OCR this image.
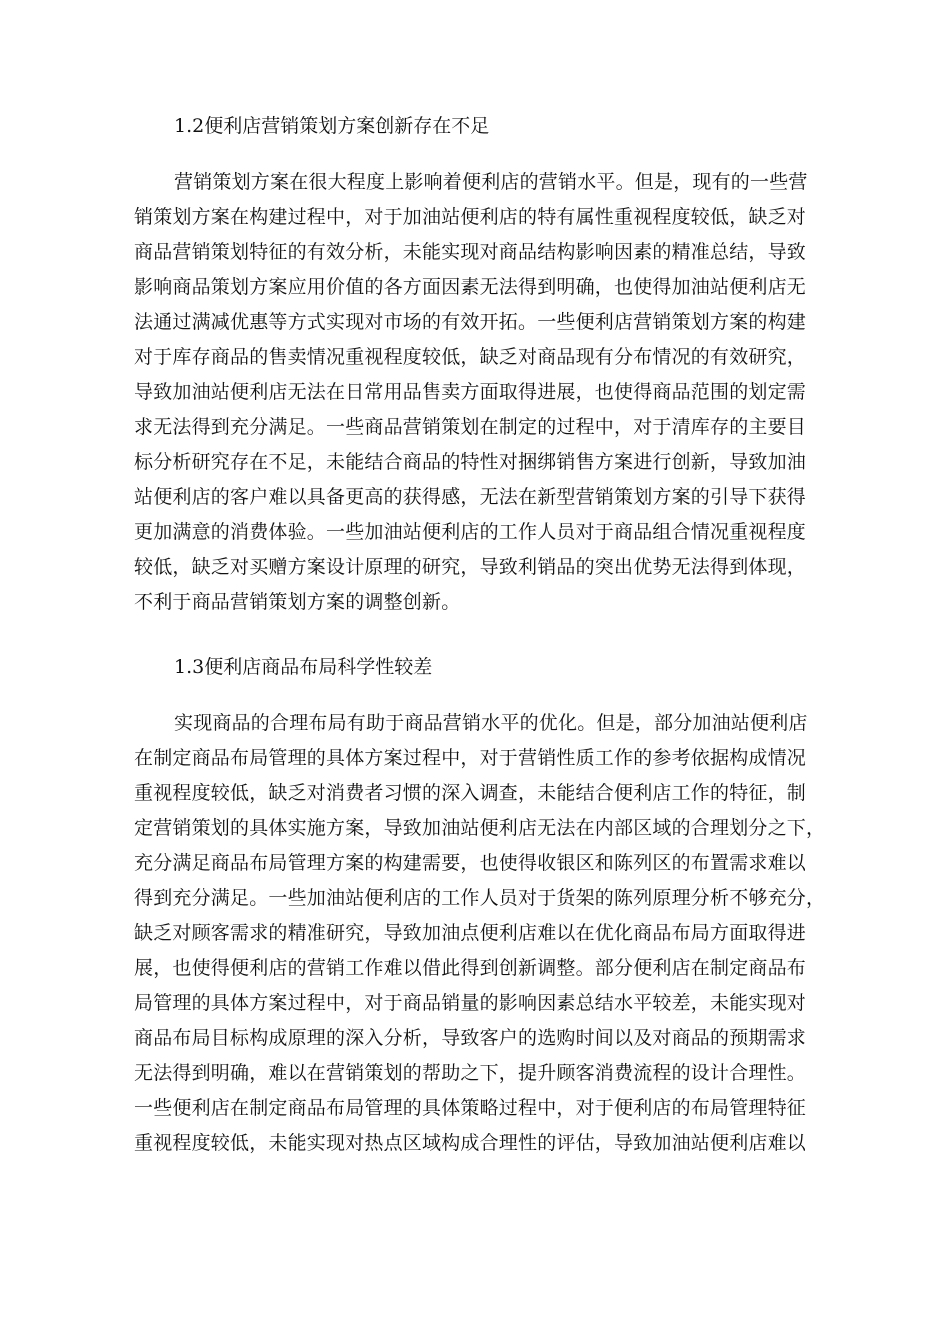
1.2便利店营销策划方案创新存在不足
营销策划方案在很大程度上影响着便利店的营销水平。但是，现有的一些营
销策划方案在构建过程中，对于加油站便利店的特有属性重视程度较低，缺乏对
商品营销策划特征的有效分析，未能实现对商品结构影响因素的精准总结，导致
影响商品策划方案应用价值的各方面因素无法得到明确，也使得加油站便利店无
法通过满减优惠等方式实现对市场的有效开拓。一些便利店营销策划方案的构建
对于库存商品的售卖情况重视程度较低，缺乏对商品现有分布情况的有效研究，
导致加油站便利店无法在日常用品售卖方面取得进展，也使得商品范围的划定需
求无法得到充分满足。一些商品营销策划在制定的过程中，对于清库存的主要目
标分析研究存在不足，未能结合商品的特性对捆绑销售方案进行创新，导致加油
站便利店的客户难以具备更高的获得感，无法在新型营销策划方案的引导下获得
更加满意的消费体验。一些加油站便利店的工作人员对于商品组合情况重视程度
较低，缺乏对买赠方案设计原理的研究，导致利销品的突出优势无法得到体现，
不利于商品营销策划方案的调整创新。
1.3便利店商品布局科学性较差
实现商品的合理布局有助于商品营销水平的优化。但是，部分加油站便利店
在制定商品布局管理的具体方案过程中，对于营销性质工作的参考依据构成情况
重视程度较低，缺乏对消费者习惯的深入调查，未能结合便利店工作的特征，制
定营销策划的具体实施方案，导致加油站便利店无法在内部区域的合理划分之下，
充分满足商品布局管理方案的构建需要，也使得收银区和陈列区的布置需求难以
得到充分满足。一些加油站便利店的工作人员对于货架的陈列原理分析不够充分，
缺乏对顾客需求的精准研究，导致加油点便利店难以在优化商品布局方面取得进
展，也使得便利店的营销工作难以借此得到创新调整。部分便利店在制定商品布
局管理的具体方案过程中，对于商品销量的影响因素总结水平较差，未能实现对
商品布局目标构成原理的深入分析，导致客户的选购时间以及对商品的预期需求
无法得到明确，难以在营销策划的帮助之下，提升顾客消费流程的设计合理性。
一些便利店在制定商品布局管理的具体策略过程中，对于便利店的布局管理特征
重视程度较低，未能实现对热点区域构成合理性的评估，导致加油站便利店难以
